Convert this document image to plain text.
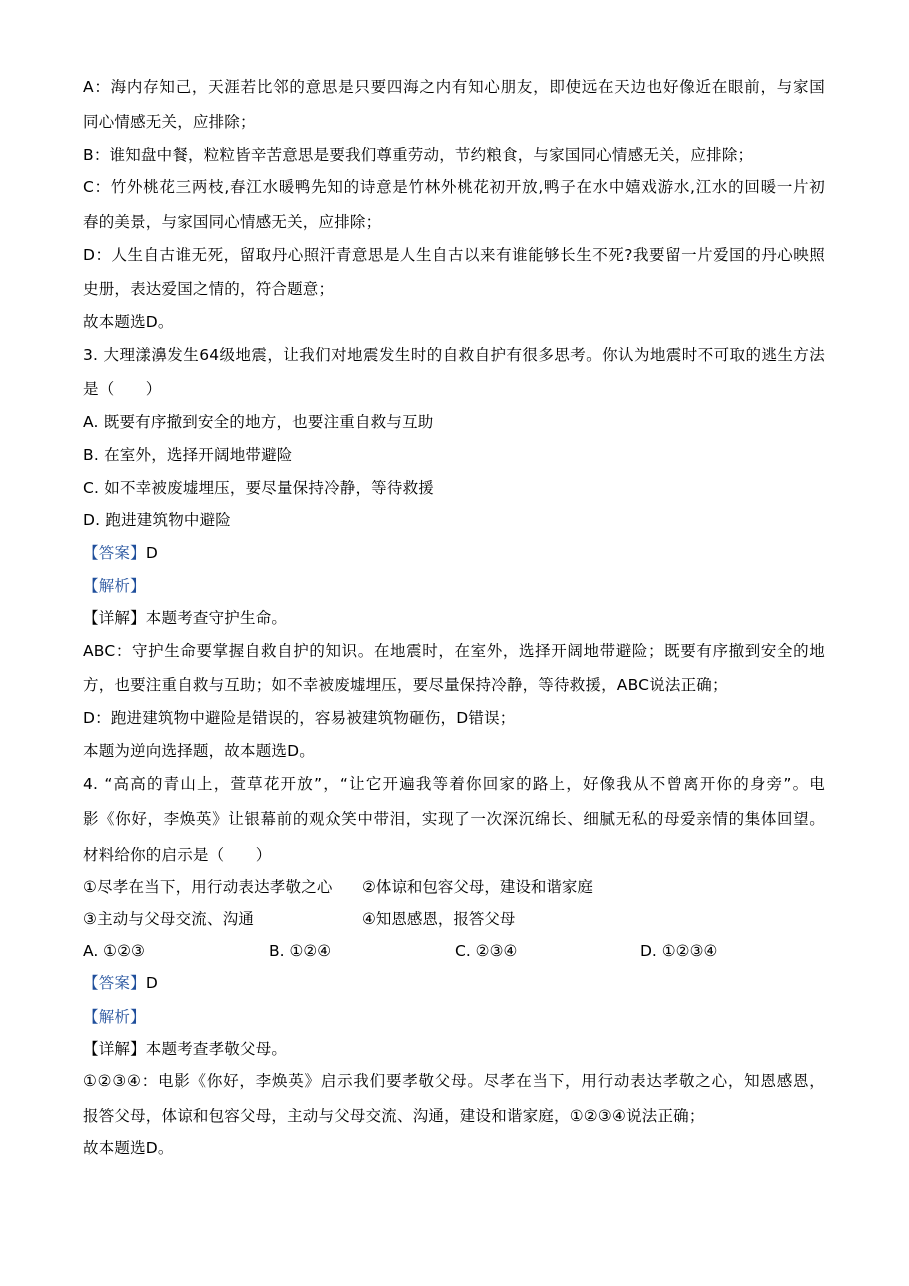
A：海内存知己，天涯若比邻的意思是只要四海之内有知心朋友，即使远在天边也好像近在眼前，与家国
同心情感无关，应排除；
B：谁知盘中餐，粒粒皆辛苦意思是要我们尊重劳动，节约粮食，与家国同心情感无关，应排除；
C：竹外桃花三两枝,春江水暖鸭先知的诗意是竹林外桃花初开放,鸭子在水中嬉戏游水,江水的回暖一片初
春的美景，与家国同心情感无关，应排除；
D：人生自古谁无死，留取丹心照汗青意思是人生自古以来有谁能够长生不死?我要留一片爱国的丹心映照
史册，表达爱国之情的，符合题意；
故本题选D。
3. 大理漾濞发生64级地震，让我们对地震发生时的自救自护有很多思考。你认为地震时不可取的逃生方法
是（　　）
A. 既要有序撤到安全的地方，也要注重自救与互助
B. 在室外，选择开阔地带避险
C. 如不幸被废墟埋压，要尽量保持冷静，等待救援
D. 跑进建筑物中避险
【答案】D
【解析】
【详解】本题考查守护生命。
ABC：守护生命要掌握自救自护的知识。在地震时，在室外，选择开阔地带避险；既要有序撤到安全的地
方，也要注重自救与互助；如不幸被废墟埋压，要尽量保持冷静，等待救援，ABC说法正确；
D：跑进建筑物中避险是错误的，容易被建筑物砸伤，D错误；
本题为逆向选择题，故本题选D。
4. “高高的青山上，萱草花开放”，“让它开遍我等着你回家的路上，好像我从不曾离开你的身旁”。电
影《你好，李焕英》让银幕前的观众笑中带泪，实现了一次深沉绵长、细腻无私的母爱亲情的集体回望。
材料给你的启示是（　　）
①尽孝在当下，用行动表达孝敬之心 ②体谅和包容父母，建设和谐家庭
③主动与父母交流、沟通	④知恩感恩，报答父母
A. ①②③	B. ①②④	C. ②③④	D. ①②③④
【答案】D
【解析】
【详解】本题考查孝敬父母。
①②③④：电影《你好，李焕英》启示我们要孝敬父母。尽孝在当下，用行动表达孝敬之心，知恩感恩，
报答父母，体谅和包容父母，主动与父母交流、沟通，建设和谐家庭，①②③④说法正确；
故本题选D。
